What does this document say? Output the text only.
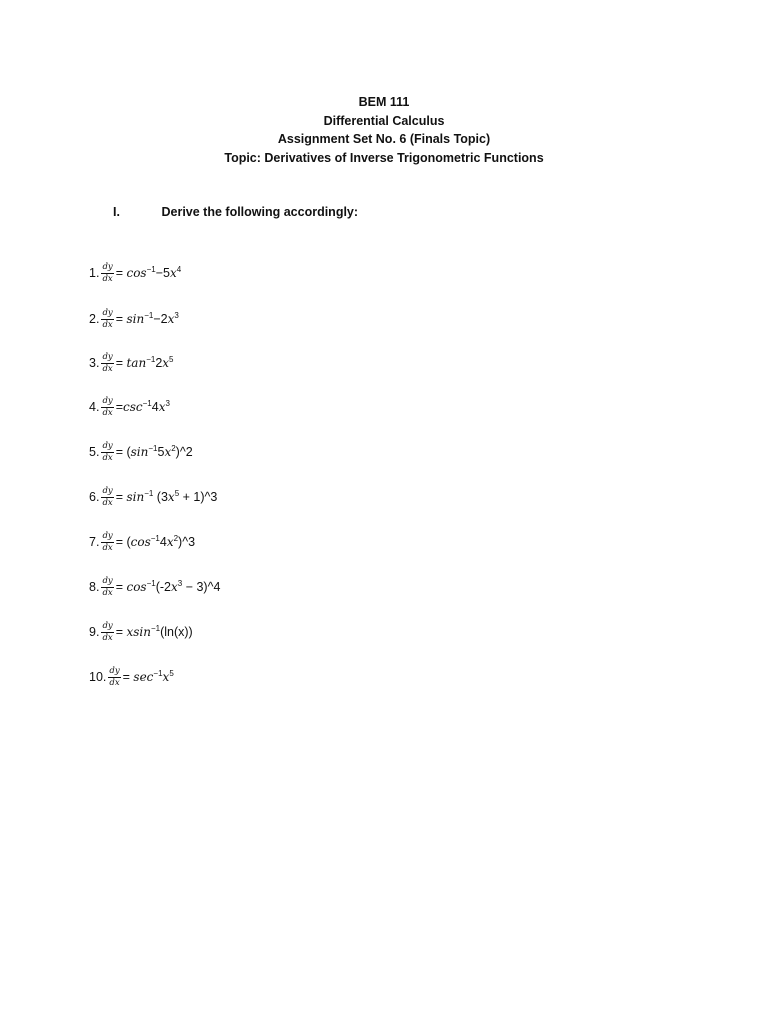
BEM 111
Differential Calculus
Assignment Set No. 6 (Finals Topic)
Topic: Derivatives of Inverse Trigonometric Functions
I.	Derive the following accordingly:
1. $\frac{dy}{dx} = \cos^{-1}-5x^4$
2. $\frac{dy}{dx} = \sin^{-1}-2x^3$
3. $\frac{dy}{dx} = \tan^{-1}2x^5$
4. $\frac{dy}{dx} =\csc^{-1}4x^3$
5. $\frac{dy}{dx}$ = $(\sin^{-1}5x^2)\^{}2$
6. $\frac{dy}{dx} = \sin^{-1} (3x^5$ + 1)^3
7. $\frac{dy}{dx}$ = $(\cos^{-1}4x^2)\^{}3$
8. $\frac{dy}{dx} = \cos^{-1}(-2x^3$ − 3)^4
9. $\frac{dy}{dx} = xsin^{-1}(\ln(x))$
10. $\frac{dy}{dx} = \sec^{-1}x^5$
